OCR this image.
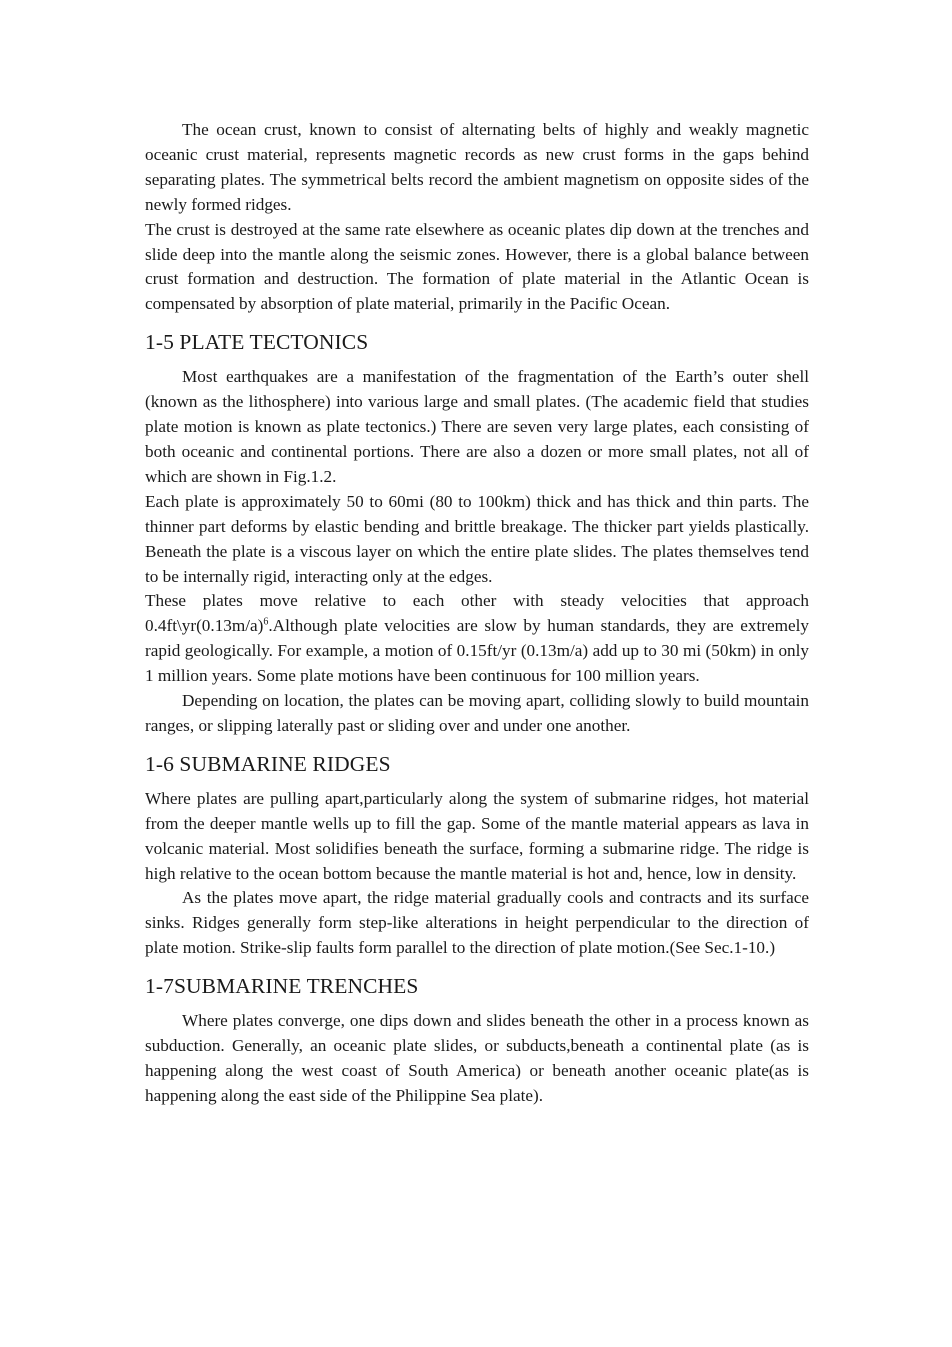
The ocean crust, known to consist of alternating belts of highly and weakly magnetic oceanic crust material, represents magnetic records as new crust forms in the gaps behind separating plates. The symmetrical belts record the ambient magnetism on opposite sides of the newly formed ridges.

The crust is destroyed at the same rate elsewhere as oceanic plates dip down at the trenches and slide deep into the mantle along the seismic zones. However, there is a global balance between crust formation and destruction. The formation of plate material in the Atlantic Ocean is compensated by absorption of plate material, primarily in the Pacific Ocean.

1-5 PLATE TECTONICS

Most earthquakes are a manifestation of the fragmentation of the Earth’s outer shell (known as the lithosphere) into various large and small plates. (The academic field that studies plate motion is known as plate tectonics.) There are seven very large plates, each consisting of both oceanic and continental portions. There are also a dozen or more small plates, not all of which are shown in Fig.1.2.

Each plate is approximately 50 to 60mi (80 to 100km) thick and has thick and thin parts. The thinner part deforms by elastic bending and brittle breakage. The thicker part yields plastically. Beneath the plate is a viscous layer on which the entire plate slides. The plates themselves tend to be internally rigid, interacting only at the edges.

These plates move relative to each other with steady velocities that approach $0.4ft\backslash yr(0.13m/a)^6.Although$ plate velocities are slow by human standards, they are extremely rapid geologically. For example, a motion of 0.15ft/yr (0.13m/a) add up to 30 mi (50km) in only 1 million years. Some plate motions have been continuous for 100 million years.

Depending on location, the plates can be moving apart, colliding slowly to build mountain ranges, or slipping laterally past or sliding over and under one another.

1-6 SUBMARINE RIDGES

Where plates are pulling apart,particularly along the system of submarine ridges, hot material from the deeper mantle wells up to fill the gap. Some of the mantle material appears as lava in volcanic material. Most solidifies beneath the surface, forming a submarine ridge. The ridge is high relative to the ocean bottom because the mantle material is hot and, hence, low in density.

As the plates move apart, the ridge material gradually cools and contracts and its surface sinks. Ridges generally form step-like alterations in height perpendicular to the direction of plate motion. Strike-slip faults form parallel to the direction of plate motion.(See Sec.1-10.)

1-7SUBMARINE TRENCHES

Where plates converge, one dips down and slides beneath the other in a process known as subduction. Generally, an oceanic plate slides, or subducts,beneath a continental plate (as is happening along the west coast of South America) or beneath another oceanic plate(as is happening along the east side of the Philippine Sea plate).
